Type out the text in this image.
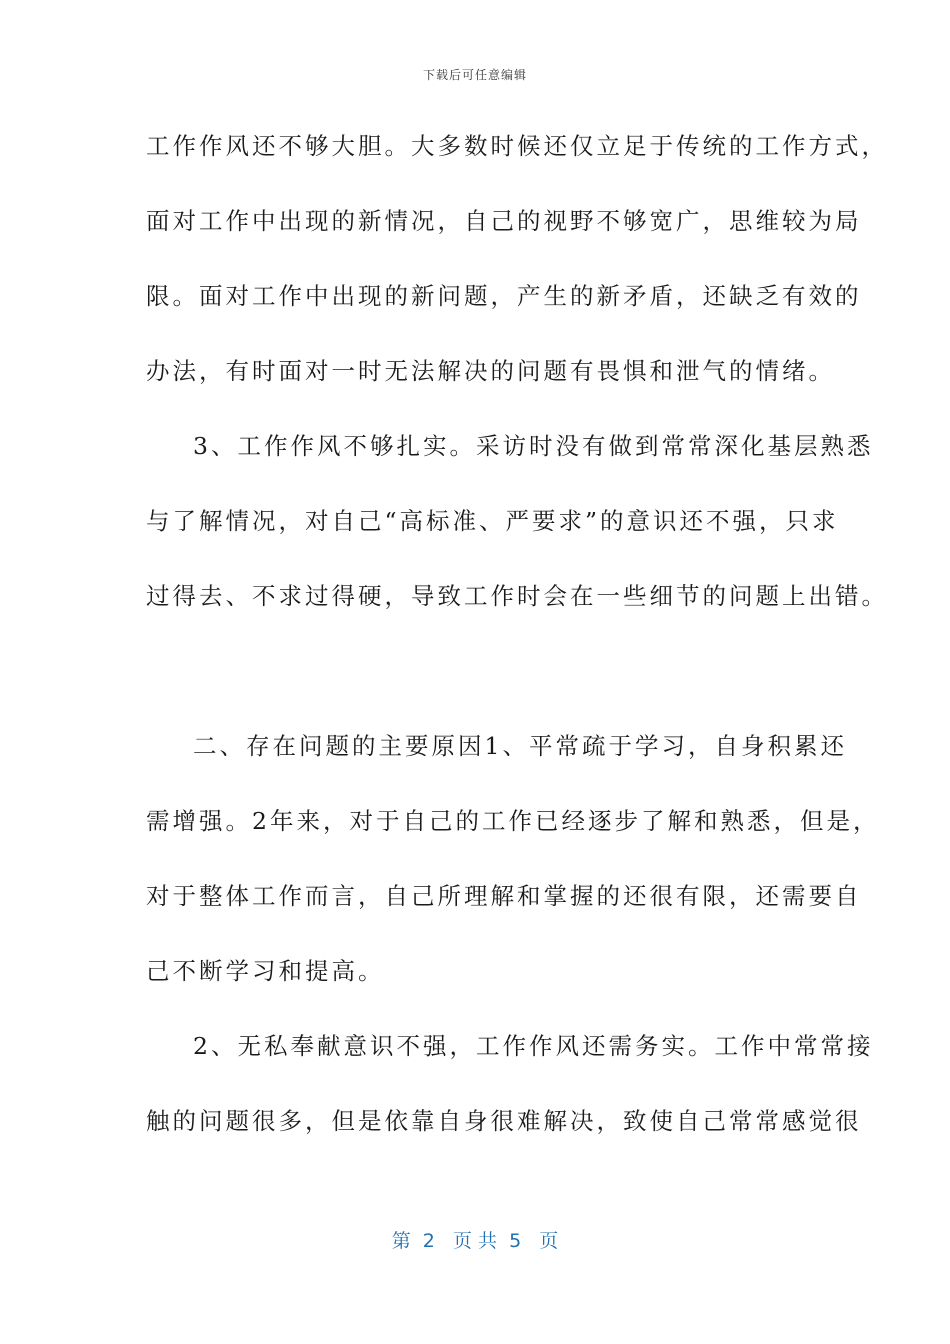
下载后可任意编辑
工作作风还不够大胆。大多数时候还仅立足于传统的工作方式，
面对工作中出现的新情况，自己的视野不够宽广，思维较为局
限。面对工作中出现的新问题，产生的新矛盾，还缺乏有效的
办法，有时面对一时无法解决的问题有畏惧和泄气的情绪。
3、工作作风不够扎实。采访时没有做到常常深化基层熟悉
与了解情况，对自己“高标准、严要求”的意识还不强，只求
过得去、不求过得硬，导致工作时会在一些细节的问题上出错。
二、存在问题的主要原因1、平常疏于学习，自身积累还
需增强。2年来，对于自己的工作已经逐步了解和熟悉，但是，
对于整体工作而言，自己所理解和掌握的还很有限，还需要自
己不断学习和提高。
2、无私奉献意识不强，工作作风还需务实。工作中常常接
触的问题很多，但是依靠自身很难解决，致使自己常常感觉很
第  2   页 共  5   页
